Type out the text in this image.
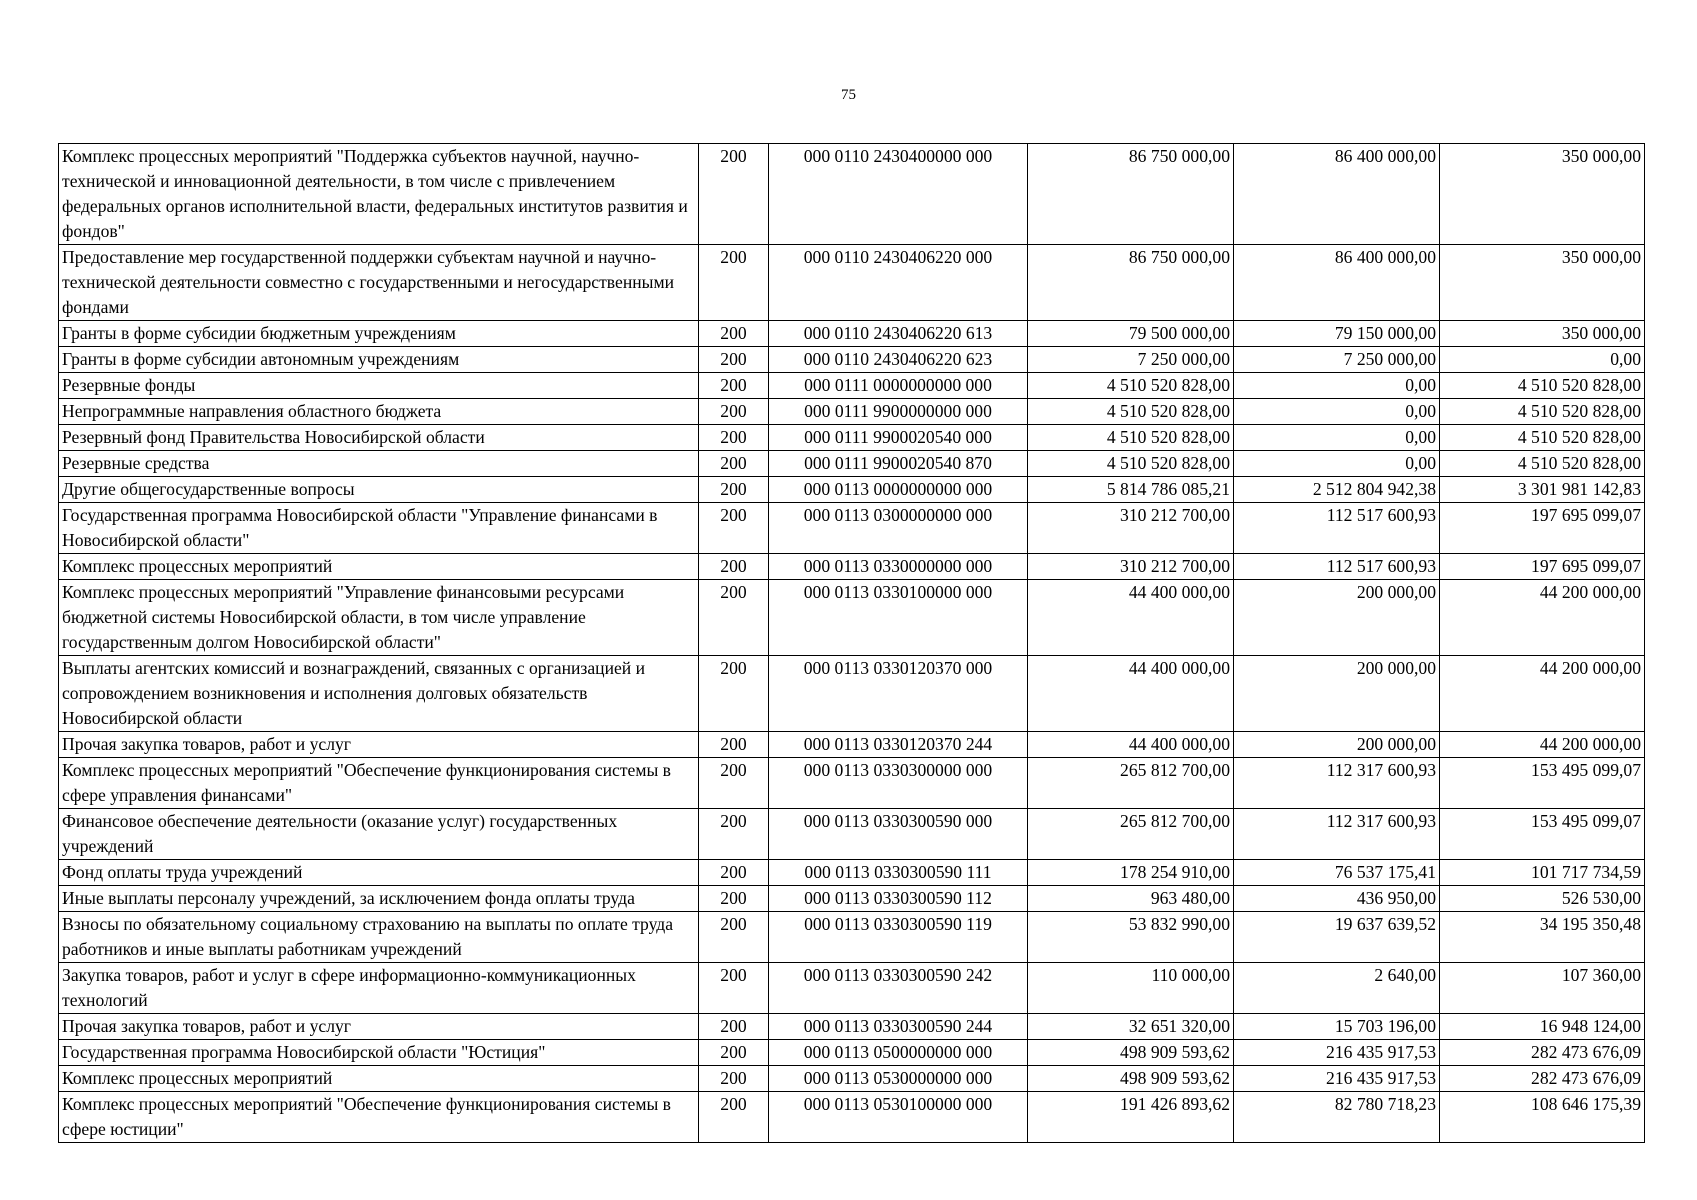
75
Комплекс процессных мероприятий "Поддержка субъектов научной, научно-технической и инновационной деятельности, в том числе с привлечением федеральных органов исполнительной власти, федеральных институтов развития и фондов"	200	000 0110 2430400000 000	86 750 000,00	86 400 000,00	350 000,00
Предоставление мер государственной поддержки субъектам научной и научно-технической деятельности совместно с государственными и негосударственными фондами	200	000 0110 2430406220 000	86 750 000,00	86 400 000,00	350 000,00
Гранты в форме субсидии бюджетным учреждениям	200	000 0110 2430406220 613	79 500 000,00	79 150 000,00	350 000,00
Гранты в форме субсидии автономным учреждениям	200	000 0110 2430406220 623	7 250 000,00	7 250 000,00	0,00
Резервные фонды	200	000 0111 0000000000 000	4 510 520 828,00	0,00	4 510 520 828,00
Непрограммные направления областного бюджета	200	000 0111 9900000000 000	4 510 520 828,00	0,00	4 510 520 828,00
Резервный фонд Правительства Новосибирской области	200	000 0111 9900020540 000	4 510 520 828,00	0,00	4 510 520 828,00
Резервные средства	200	000 0111 9900020540 870	4 510 520 828,00	0,00	4 510 520 828,00
Другие общегосударственные вопросы	200	000 0113 0000000000 000	5 814 786 085,21	2 512 804 942,38	3 301 981 142,83
Государственная программа Новосибирской области "Управление финансами в Новосибирской области"	200	000 0113 0300000000 000	310 212 700,00	112 517 600,93	197 695 099,07
Комплекс процессных мероприятий	200	000 0113 0330000000 000	310 212 700,00	112 517 600,93	197 695 099,07
Комплекс процессных мероприятий "Управление финансовыми ресурсами бюджетной системы Новосибирской области, в том числе управление государственным долгом Новосибирской области"	200	000 0113 0330100000 000	44 400 000,00	200 000,00	44 200 000,00
Выплаты агентских комиссий и вознаграждений, связанных с организацией и сопровождением возникновения и исполнения долговых обязательств Новосибирской области	200	000 0113 0330120370 000	44 400 000,00	200 000,00	44 200 000,00
Прочая закупка товаров, работ и услуг	200	000 0113 0330120370 244	44 400 000,00	200 000,00	44 200 000,00
Комплекс процессных мероприятий "Обеспечение функционирования системы в сфере управления финансами"	200	000 0113 0330300000 000	265 812 700,00	112 317 600,93	153 495 099,07
Финансовое обеспечение деятельности (оказание услуг) государственных учреждений	200	000 0113 0330300590 000	265 812 700,00	112 317 600,93	153 495 099,07
Фонд оплаты труда учреждений	200	000 0113 0330300590 111	178 254 910,00	76 537 175,41	101 717 734,59
Иные выплаты персоналу учреждений, за исключением фонда оплаты труда	200	000 0113 0330300590 112	963 480,00	436 950,00	526 530,00
Взносы по обязательному социальному страхованию на выплаты по оплате труда работников и иные выплаты работникам учреждений	200	000 0113 0330300590 119	53 832 990,00	19 637 639,52	34 195 350,48
Закупка товаров, работ и услуг в сфере информационно-коммуникационных технологий	200	000 0113 0330300590 242	110 000,00	2 640,00	107 360,00
Прочая закупка товаров, работ и услуг	200	000 0113 0330300590 244	32 651 320,00	15 703 196,00	16 948 124,00
Государственная программа Новосибирской области "Юстиция"	200	000 0113 0500000000 000	498 909 593,62	216 435 917,53	282 473 676,09
Комплекс процессных мероприятий	200	000 0113 0530000000 000	498 909 593,62	216 435 917,53	282 473 676,09
Комплекс процессных мероприятий "Обеспечение функционирования системы в сфере юстиции"	200	000 0113 0530100000 000	191 426 893,62	82 780 718,23	108 646 175,39
